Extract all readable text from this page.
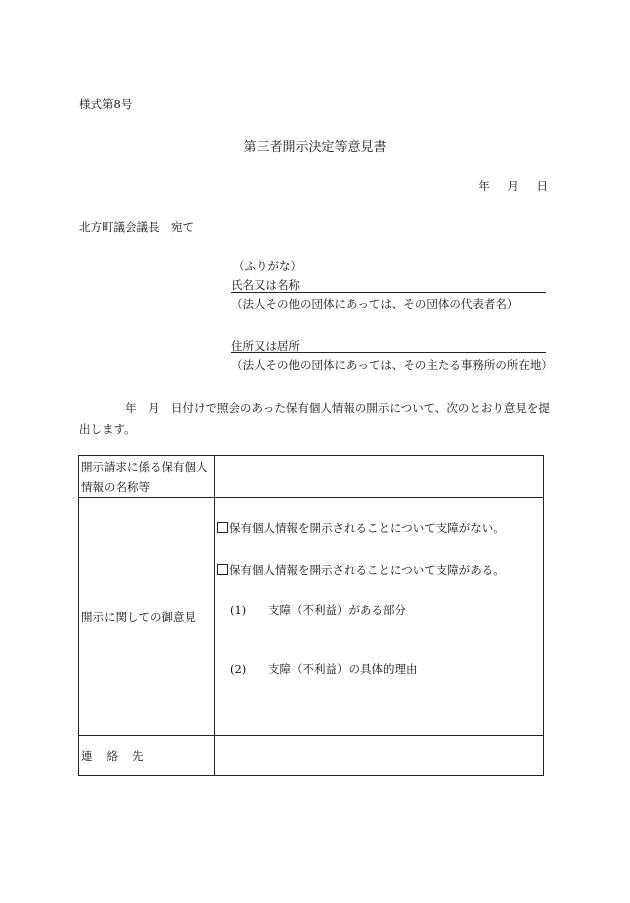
様式第8号
第三者開示決定等意見書
年 月 日
北方町議会議長　宛て
（ふりがな）
氏名又は名称
（法人その他の団体にあっては、その団体の代表者名）
住所又は居所
（法人その他の団体にあっては、その主たる事務所の所在地）
年　月　日付けで照会のあった保有個人情報の開示について、次のとおり意見を提出します。
開示請求に係る保有個人情報の名称等	
開示に関しての御意見	保有個人情報を開示されることについて支障がない。
保有個人情報を開示されることについて支障がある。
(1) 支障（不利益）がある部分
(2) 支障（不利益）の具体的理由

連絡先	
